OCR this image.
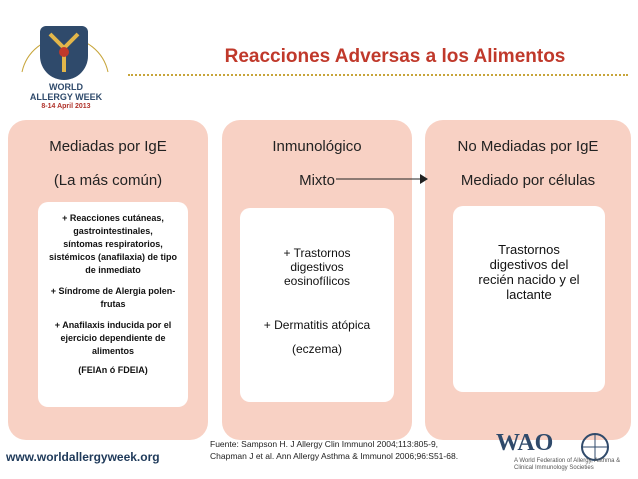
WORLD
ALLERGY WEEK
8-14 April 2013
Reacciones Adversas a los Alimentos
Mediadas por IgE
(La más común)
+ Reacciones cutáneas,
gastrointestinales,
síntomas respiratorios,
sistémicos (anafilaxia) de tipo de inmediato
+ Síndrome de Alergia polen-frutas
+ Anafilaxis inducida por el ejercicio dependiente de alimentos
(FEIAn ó FDEIA)
Inmunológico
Mixto
+ Trastornos digestivos eosinofílicos
+ Dermatitis atópica
(eczema)
No Mediadas por IgE
Mediado por células
Trastornos digestivos del recién nacido y el lactante
www.worldallergyweek.org
Fuente: Sampson H. J Allergy Clin Immunol 2004;113:805-9,
Chapman J et al. Ann Allergy Asthma & Immunol 2006;96:S51-68.	WAO
A World Federation of Allergy, Asthma & Clinical Immunology Societies
